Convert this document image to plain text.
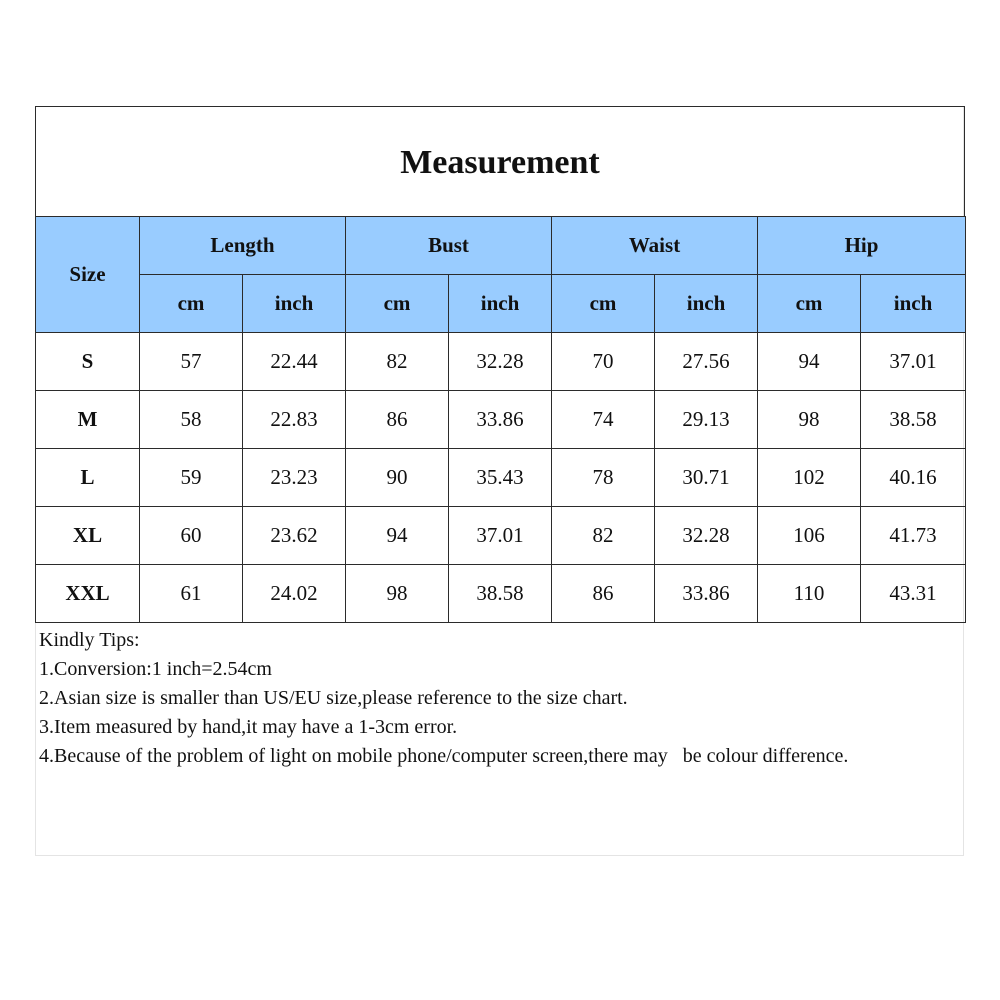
Measurement
Size	Length		Bust		Waist		Hip	
	cm	inch	cm	inch	cm	inch	cm	inch
S	57	22.44	82	32.28	70	27.56	94	37.01
M	58	22.83	86	33.86	74	29.13	98	38.58
L	59	23.23	90	35.43	78	30.71	102	40.16
XL	60	23.62	94	37.01	82	32.28	106	41.73
XXL	61	24.02	98	38.58	86	33.86	110	43.31
Kindly Tips:
1.Conversion:1 inch=2.54cm
2.Asian size is smaller than US/EU size,please reference to the size chart.
3.Item measured by hand,it may have a 1-3cm error.
4.Because of the problem of light on mobile phone/computer screen,there may   be colour difference.
